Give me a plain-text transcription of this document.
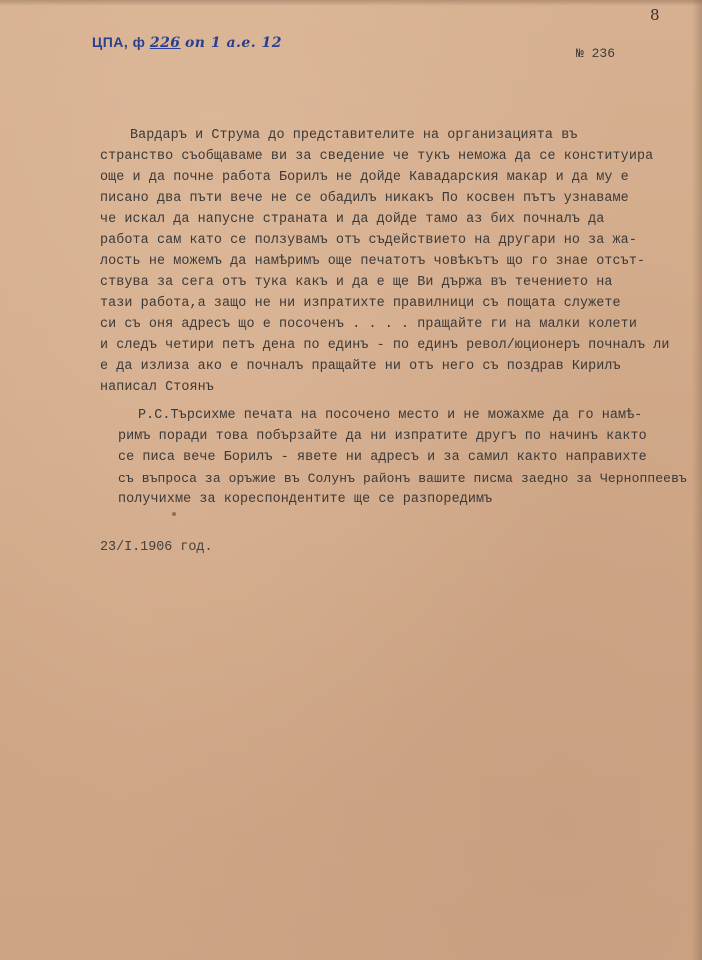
8
ЦПА, ф 226 оп 1 а.е. 12
№ 236

Вардаръ и Струма до представителите на организацията въ

странство съобщаваме ви за сведение че тукъ неможа да се конституира

още и да почне работа Борилъ не дойде Кавадарския макар и да му е

писано два пъти вече не се обадилъ никакъ По косвен пътъ узнаваме

че искал да напусне страната и да дойде тамо аз бих почналъ да

работа сам като се ползувамъ отъ съдействието на другари но за жа-

лость не можемъ да намѣримъ още печатотъ човѣкътъ що го знае отсът-

ствува за сега отъ тука какъ и да е ще Ви държа въ течението на

тази работа,а защо не ни изпратихте правилници съ пощата служете

си съ оня адресъ що е посоченъ . . . . пращайте ги на малки колети

и следъ четири петъ дена по единъ - по единъ револ/юционеръ почналъ ли

е да излиза ако е почналъ пращайте ни отъ него съ поздрав Кирилъ

написал Стоянъ

Р.С.Търсихме печата на посочено место и не можахме да го намѣ-

римъ поради това побързайте да ни изпратите другъ по начинъ както

се писа вече Борилъ - явете ни адресъ и за самил както направихте

съ въпроса за оръжие въ Солунъ районъ вашите писма заедно за Черноппеевъ

получихме за кореспондентите ще се разпоредимъ

23/I.1906 год.
